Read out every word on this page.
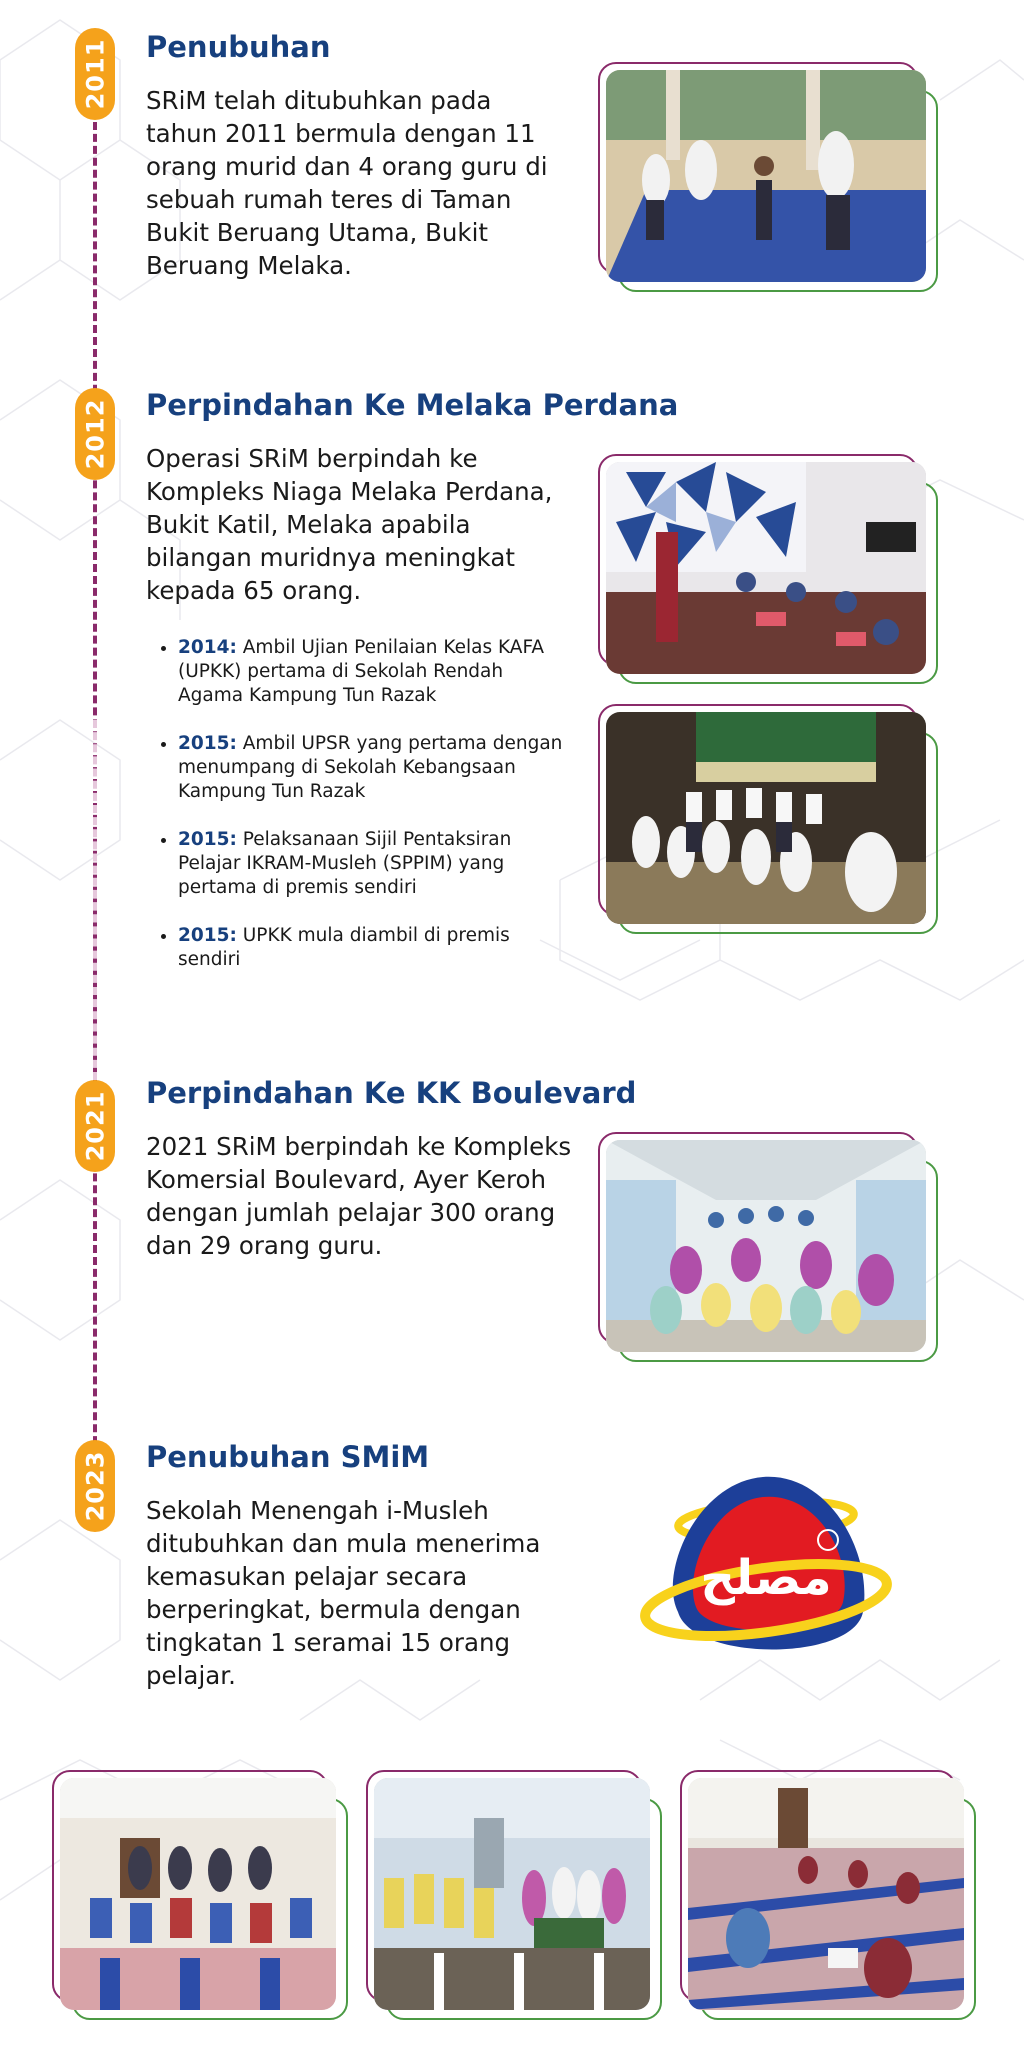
2011 Penubuhan

SRiM telah ditubuhkan pada tahun 2011 bermula dengan 11 orang murid dan 4 orang guru di sebuah rumah teres di Taman Bukit Beruang Utama, Bukit Beruang Melaka.

2012 Perpindahan Ke Melaka Perdana

Operasi SRiM berpindah ke Kompleks Niaga Melaka Perdana, Bukit Katil, Melaka apabila bilangan muridnya meningkat kepada 65 orang.

• 2014: Ambil Ujian Penilaian Kelas KAFA (UPKK) pertama di Sekolah Rendah Agama Kampung Tun Razak
• 2015: Ambil UPSR yang pertama dengan menumpang di Sekolah Kebangsaan Kampung Tun Razak
• 2015: Pelaksanaan Sijil Pentaksiran Pelajar IKRAM-Musleh (SPPIM) yang pertama di premis sendiri
• 2015: UPKK mula diambil di premis sendiri
2021 Perpindahan Ke KK Boulevard

2021 SRiM berpindah ke Kompleks Komersial Boulevard, Ayer Keroh dengan jumlah pelajar 300 orang dan 29 orang guru.

2023 Penubuhan SMiM

Sekolah Menengah i-Musleh ditubuhkan dan mula menerima kemasukan pelajar secara berperingkat, bermula dengan tingkatan 1 seramai 15 orang pelajar.

مصلح
